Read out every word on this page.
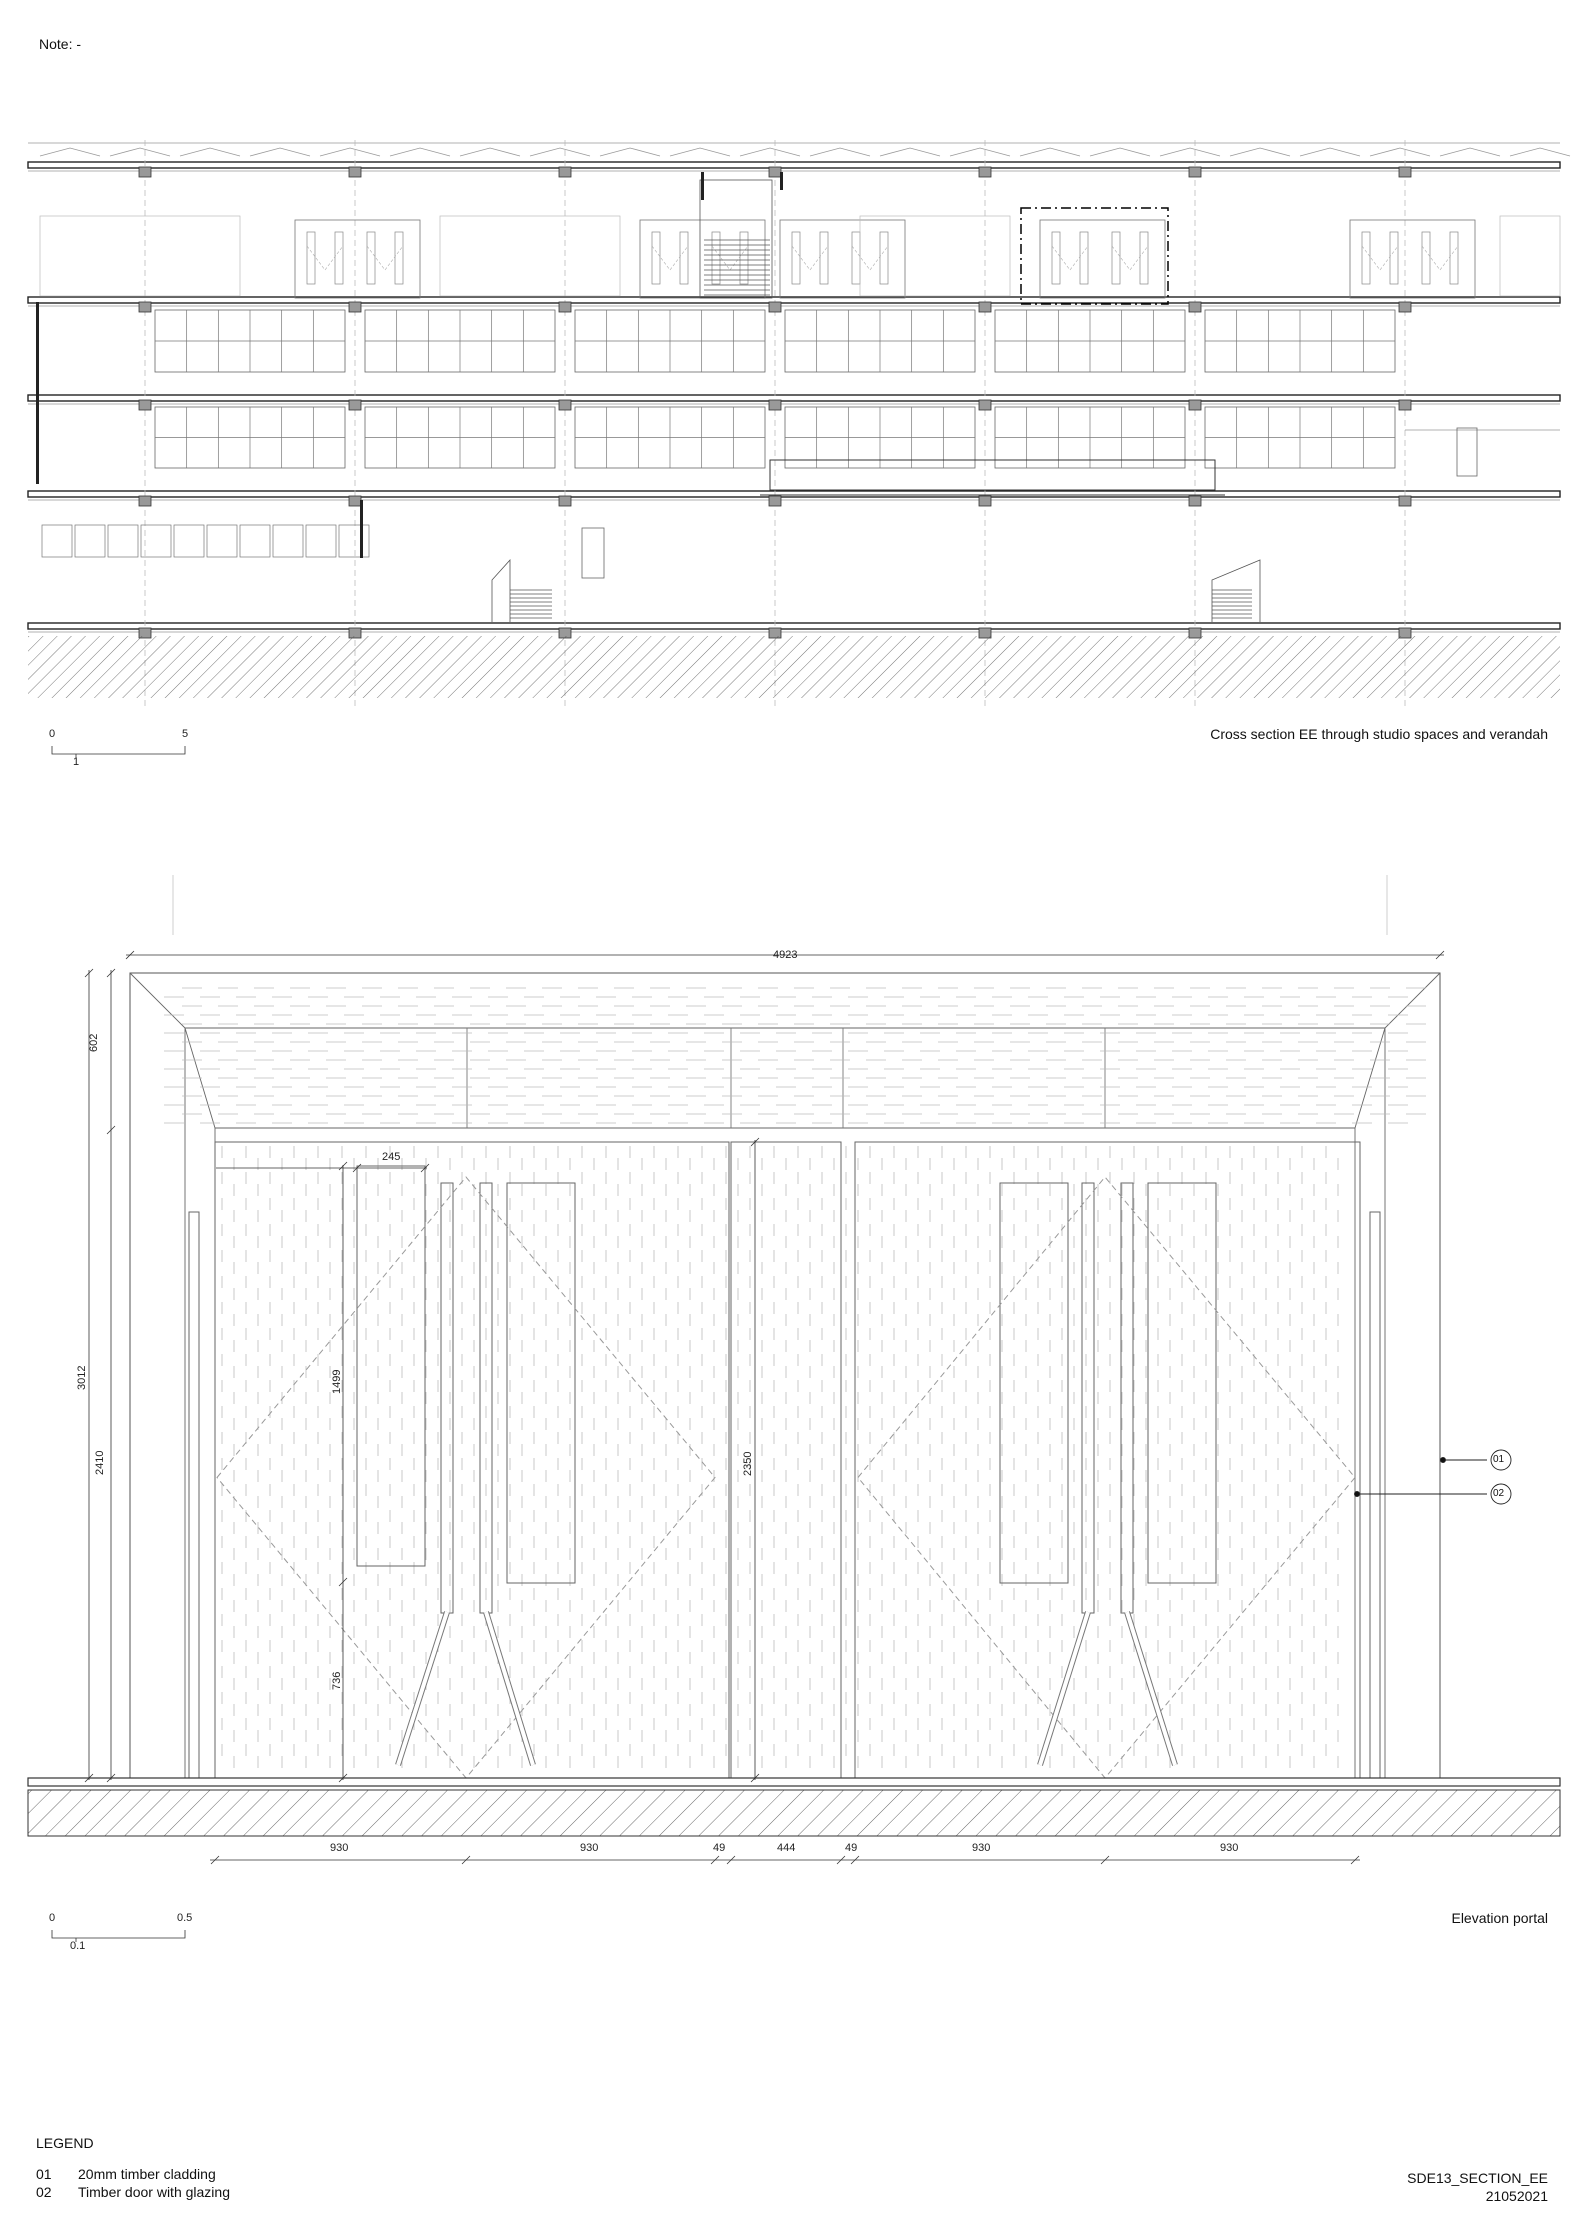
Note: -
0	5
1
Cross section EE through studio spaces and verandah
4923
602
3012
2410
245
1499
736
2350
930	930	49	444	49	930	930
01
02
0	0.5
0.1
Elevation portal
LEGEND
01 20mm timber cladding
02 Timber door with glazing
SDE13_SECTION_EE
21052021
